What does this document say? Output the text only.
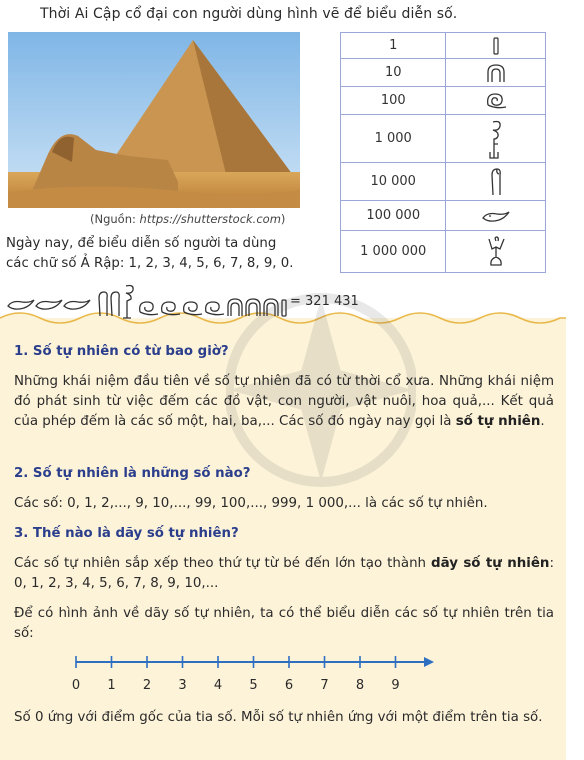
Thời Ai Cập cổ đại con người dùng hình vẽ để biểu diễn số.
(Nguồn: https://shutterstock.com)
Ngày nay, để biểu diễn số người ta dùng
các chữ số Ả Rập: 1, 2, 3, 4, 5, 6, 7, 8, 9, 0.
1	
10	
100	
1 000	
10 000	
100 000	
1 000 000	
= 321 431
1. Số tự nhiên có từ bao giờ?
Những khái niệm đầu tiên về số tự nhiên đã có từ thời cổ xưa. Những khái niệm đó phát sinh từ việc đếm các đồ vật, con người, vật nuôi, hoa quả,... Kết quả của phép đếm là các số một, hai, ba,... Các số đó ngày nay gọi là số tự nhiên.
2. Số tự nhiên là những số nào?
Các số: 0, 1, 2,..., 9, 10,..., 99, 100,..., 999, 1 000,... là các số tự nhiên.
3. Thế nào là dãy số tự nhiên?
Các số tự nhiên sắp xếp theo thứ tự từ bé đến lớn tạo thành dãy số tự nhiên: 0, 1, 2, 3, 4, 5, 6, 7, 8, 9, 10,...
Để có hình ảnh về dãy số tự nhiên, ta có thể biểu diễn các số tự nhiên trên tia số:
0	1	2	3	4	5	6	7	8	9
Số 0 ứng với điểm gốc của tia số. Mỗi số tự nhiên ứng với một điểm trên tia số.
